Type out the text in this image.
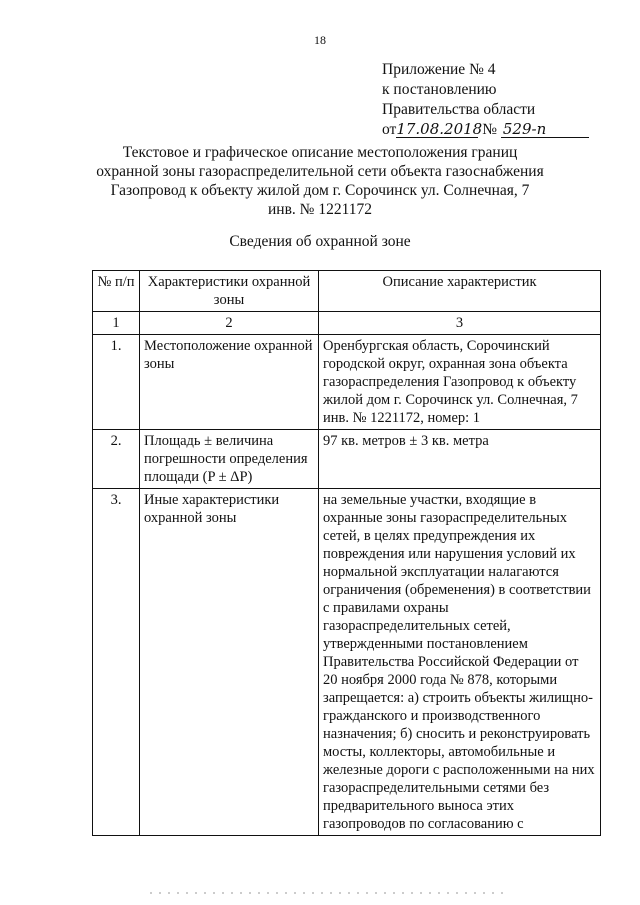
18
Приложение № 4
к постановлению
Правительства области
от17.08.2018 № 529-п
Текстовое и графическое описание местоположения границ
охранной зоны газораспределительной сети объекта газоснабжения
Газопровод к объекту жилой дом г. Сорочинск ул. Солнечная, 7
инв. № 1221172
Сведения об охранной зоне
№ п/п	Характеристики охранной зоны	Описание характеристик
1	2	3
1.	Местоположение охранной зоны	Оренбургская область, Сорочинский городской округ, охранная зона объекта газораспределения Газопровод к объекту жилой дом г. Сорочинск ул. Солнечная, 7 инв. № 1221172, номер: 1
2.	Площадь ± величина погрешности определения площади (P ± ΔP)	97 кв. метров ± 3 кв. метра
3.	Иные характеристики охранной зоны	на земельные участки, входящие в охранные зоны газораспределительных сетей, в целях предупреждения их повреждения или нарушения условий их нормальной эксплуатации налагаются ограничения (обременения) в соответствии с правилами охраны газораспределительных сетей, утвержденными постановлением Правительства Российской Федерации от 20 ноября 2000 года № 878, которыми запрещается: а) строить объекты жилищно-гражданского и производственного назначения; б) сносить и реконструировать мосты, коллекторы, автомобильные и железные дороги с расположенными на них газораспределительными сетями без предварительного выноса этих газопроводов по согласованию с
